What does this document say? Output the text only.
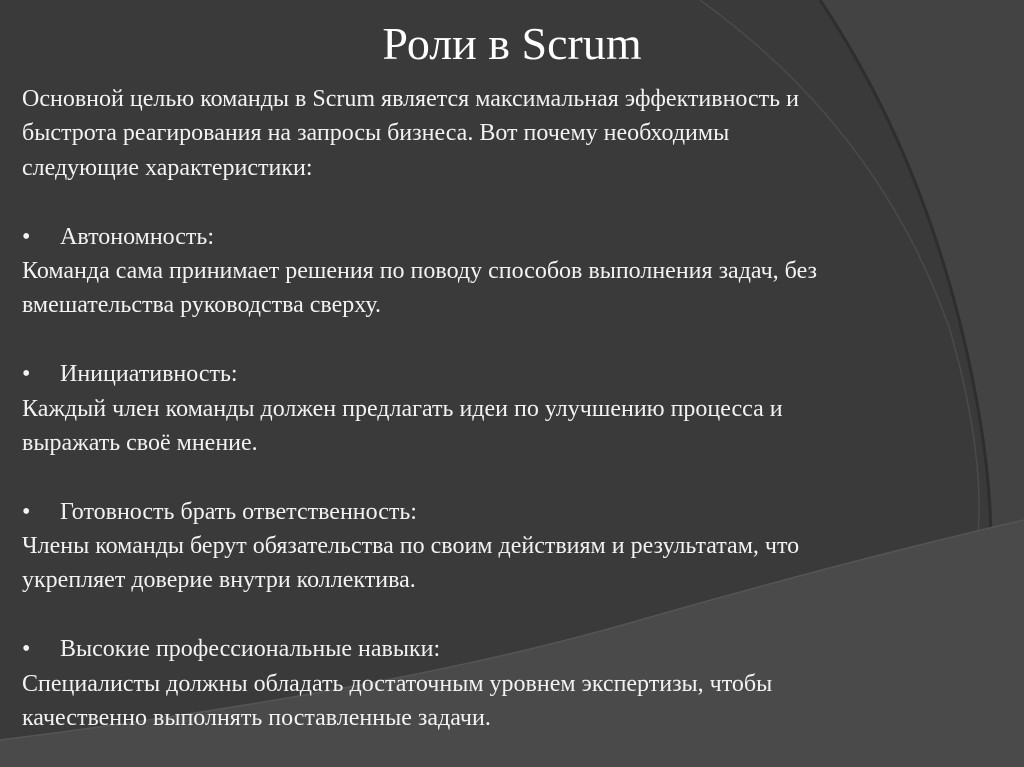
Роли в Scrum
Основной целью команды в Scrum является максимальная эффективность и
быстрота реагирования на запросы бизнеса. Вот почему необходимы
следующие характеристики:
• Автономность:
Команда сама принимает решения по поводу способов выполнения задач, без
вмешательства руководства сверху.
• Инициативность:
Каждый член команды должен предлагать идеи по улучшению процесса и
выражать своё мнение.
• Готовность брать ответственность:
Члены команды берут обязательства по своим действиям и результатам, что
укрепляет доверие внутри коллектива.
• Высокие профессиональные навыки:
Специалисты должны обладать достаточным уровнем экспертизы, чтобы
качественно выполнять поставленные задачи.
